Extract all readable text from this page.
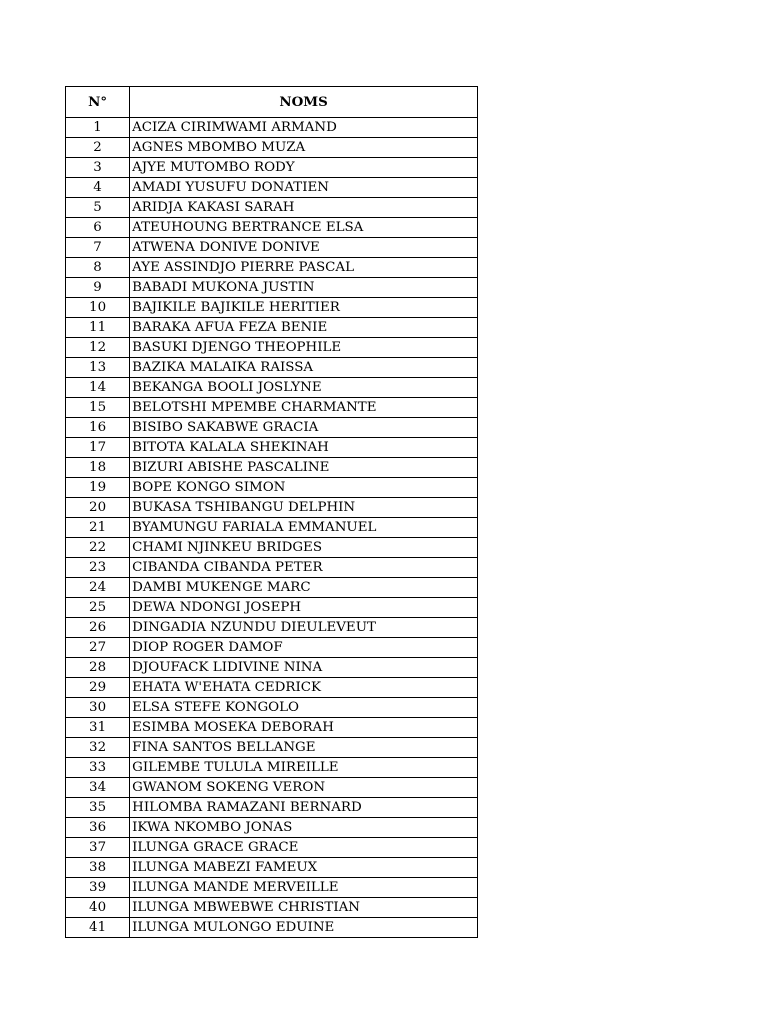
N°	NOMS
1	ACIZA CIRIMWAMI ARMAND
2	AGNES MBOMBO MUZA
3	AJYE MUTOMBO RODY
4	AMADI YUSUFU DONATIEN
5	ARIDJA KAKASI SARAH
6	ATEUHOUNG BERTRANCE ELSA
7	ATWENA DONIVE DONIVE
8	AYE ASSINDJO PIERRE PASCAL
9	BABADI MUKONA JUSTIN
10	BAJIKILE BAJIKILE HERITIER
11	BARAKA AFUA FEZA BENIE
12	BASUKI DJENGO THEOPHILE
13	BAZIKA MALAIKA RAISSA
14	BEKANGA BOOLI JOSLYNE
15	BELOTSHI MPEMBE CHARMANTE
16	BISIBO SAKABWE GRACIA
17	BITOTA KALALA SHEKINAH
18	BIZURI ABISHE PASCALINE
19	BOPE KONGO SIMON
20	BUKASA TSHIBANGU DELPHIN
21	BYAMUNGU FARIALA EMMANUEL
22	CHAMI NJINKEU BRIDGES
23	CIBANDA CIBANDA PETER
24	DAMBI MUKENGE MARC
25	DEWA NDONGI JOSEPH
26	DINGADIA NZUNDU DIEULEVEUT
27	DIOP ROGER DAMOF
28	DJOUFACK LIDIVINE NINA
29	EHATA W'EHATA CEDRICK
30	ELSA STEFE KONGOLO
31	ESIMBA MOSEKA DEBORAH
32	FINA SANTOS BELLANGE
33	GILEMBE TULULA MIREILLE
34	GWANOM SOKENG VERON
35	HILOMBA RAMAZANI BERNARD
36	IKWA NKOMBO JONAS
37	ILUNGA GRACE GRACE
38	ILUNGA MABEZI FAMEUX
39	ILUNGA MANDE MERVEILLE
40	ILUNGA MBWEBWE CHRISTIAN
41	ILUNGA MULONGO EDUINE
